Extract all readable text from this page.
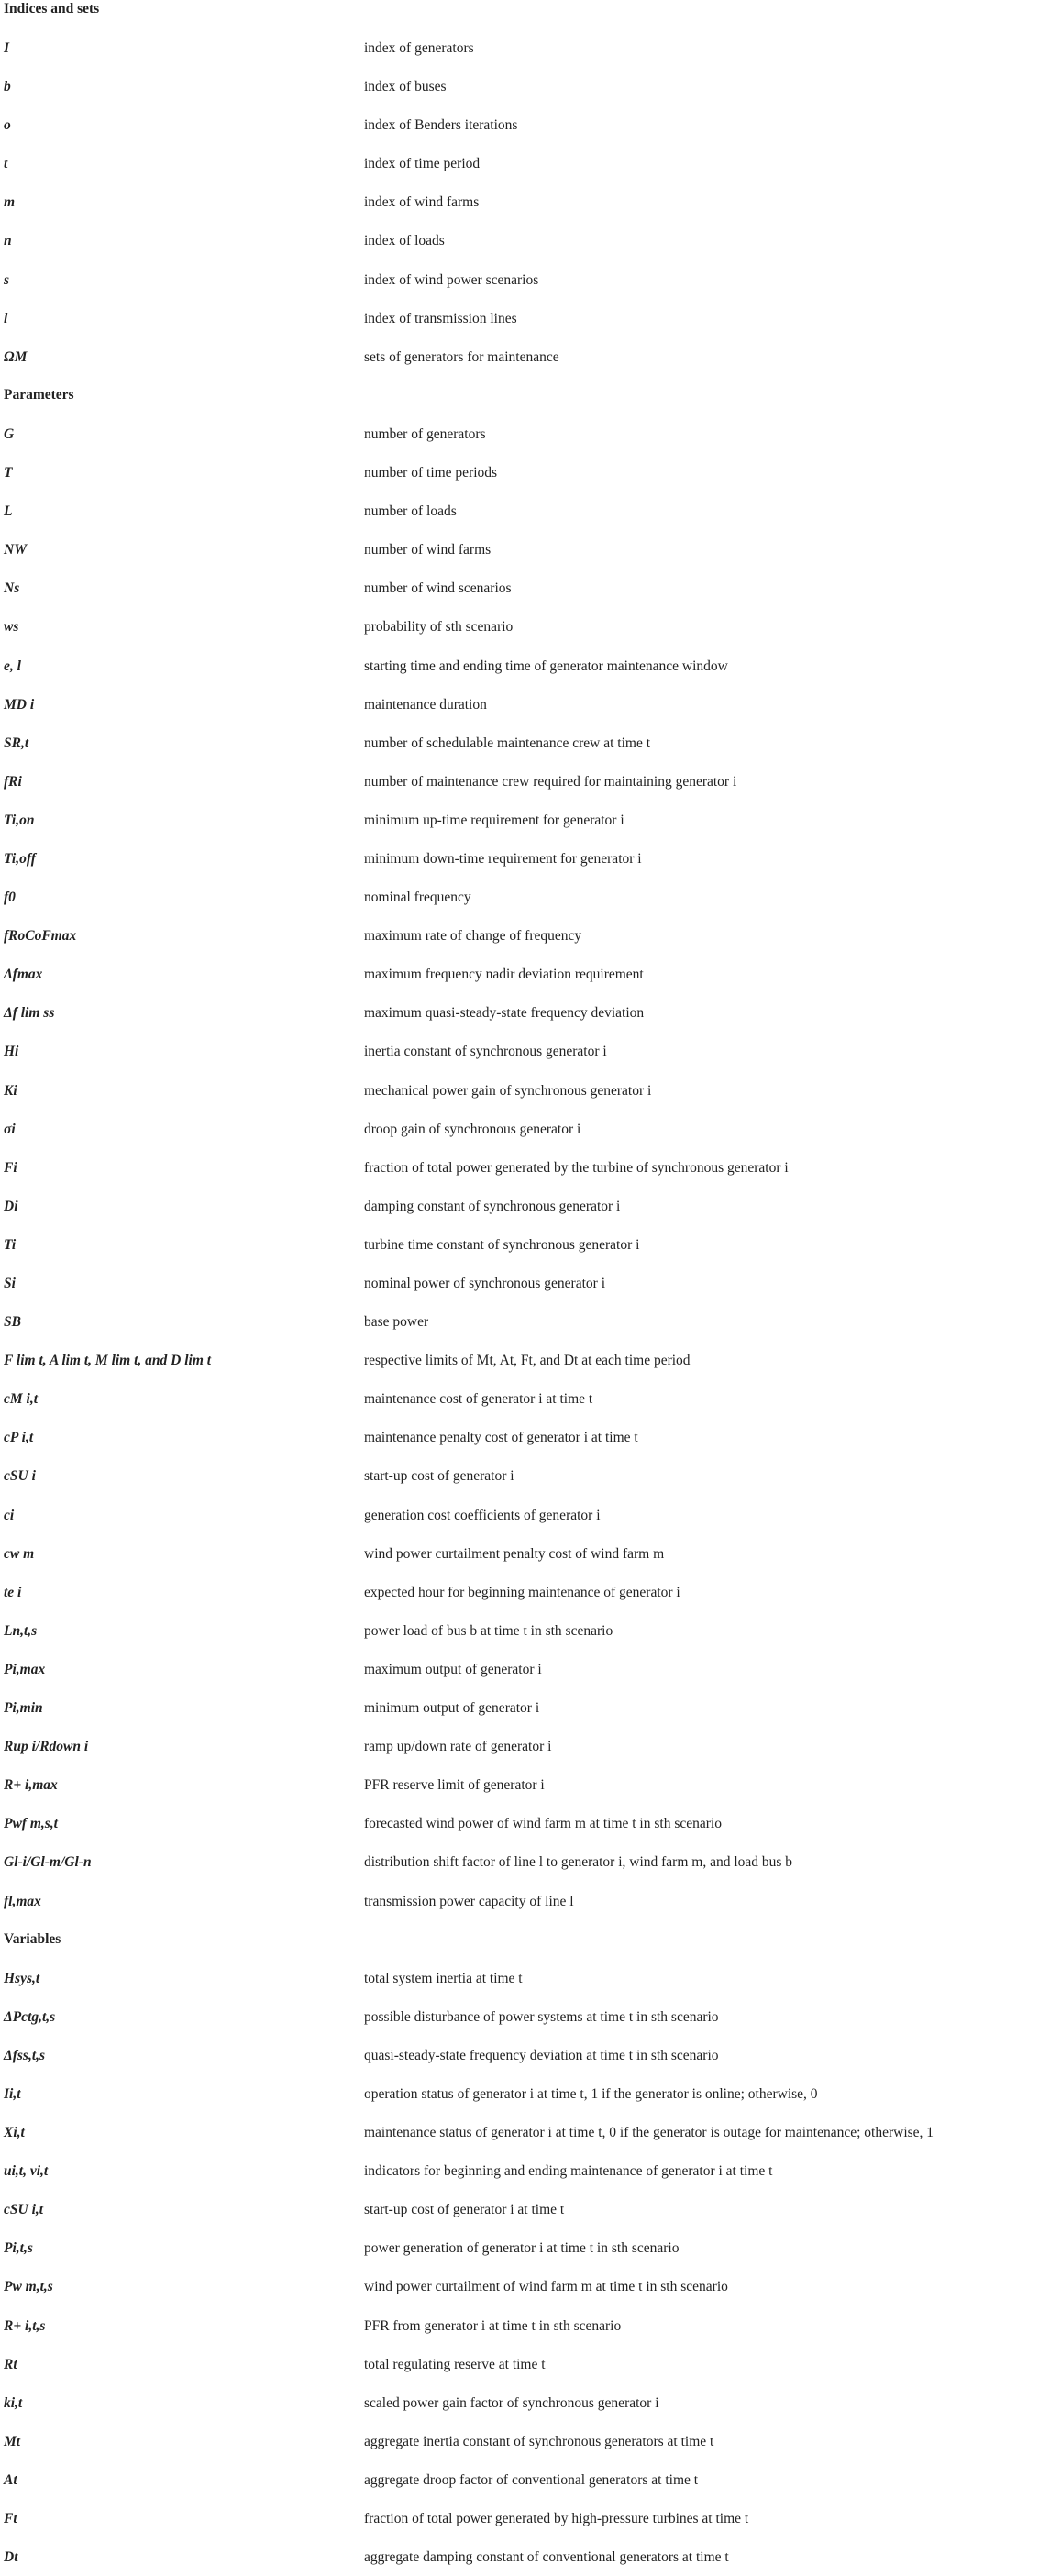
Indices and sets
I	index of generators
b	index of buses
o	index of Benders iterations
t	index of time period
m	index of wind farms
n	index of loads
s	index of wind power scenarios
l	index of transmission lines
ΩM	sets of generators for maintenance
Parameters
G	number of generators
T	number of time periods
L	number of loads
NW	number of wind farms
Ns	number of wind scenarios
ws	probability of sth scenario
e, l	starting time and ending time of generator maintenance window
MD i	maintenance duration
SR,t	number of schedulable maintenance crew at time t
fRi	number of maintenance crew required for maintaining generator i
Ti,on	minimum up-time requirement for generator i
Ti,off	minimum down-time requirement for generator i
f0	nominal frequency
fRoCoFmax	maximum rate of change of frequency
Δfmax	maximum frequency nadir deviation requirement
Δf lim ss	maximum quasi-steady-state frequency deviation
Hi	inertia constant of synchronous generator i
Ki	mechanical power gain of synchronous generator i
σi	droop gain of synchronous generator i
Fi	fraction of total power generated by the turbine of synchronous generator i
Di	damping constant of synchronous generator i
Ti	turbine time constant of synchronous generator i
Si	nominal power of synchronous generator i
SB	base power
F lim t, A lim t, M lim t, and D lim t	respective limits of Mt, At, Ft, and Dt at each time period
cM i,t	maintenance cost of generator i at time t
cP i,t	maintenance penalty cost of generator i at time t
cSU i	start-up cost of generator i
ci	generation cost coefficients of generator i
cw m	wind power curtailment penalty cost of wind farm m
te i	expected hour for beginning maintenance of generator i
Ln,t,s	power load of bus b at time t in sth scenario
Pi,max	maximum output of generator i
Pi,min	minimum output of generator i
Rup i/Rdown i	ramp up/down rate of generator i
R+ i,max	PFR reserve limit of generator i
Pwf m,s,t	forecasted wind power of wind farm m at time t in sth scenario
Gl-i/Gl-m/Gl-n	distribution shift factor of line l to generator i, wind farm m, and load bus b
fl,max	transmission power capacity of line l
Variables
Hsys,t	total system inertia at time t
ΔPctg,t,s	possible disturbance of power systems at time t in sth scenario
Δfss,t,s	quasi-steady-state frequency deviation at time t in sth scenario
Ii,t	operation status of generator i at time t, 1 if the generator is online; otherwise, 0
Xi,t	maintenance status of generator i at time t, 0 if the generator is outage for maintenance; otherwise, 1
ui,t, vi,t	indicators for beginning and ending maintenance of generator i at time t
cSU i,t	start-up cost of generator i at time t
Pi,t,s	power generation of generator i at time t in sth scenario
Pw m,t,s	wind power curtailment of wind farm m at time t in sth scenario
R+ i,t,s	PFR from generator i at time t in sth scenario
Rt	total regulating reserve at time t
ki,t	scaled power gain factor of synchronous generator i
Mt	aggregate inertia constant of synchronous generators at time t
At	aggregate droop factor of conventional generators at time t
Ft	fraction of total power generated by high-pressure turbines at time t
Dt	aggregate damping constant of conventional generators at time t
